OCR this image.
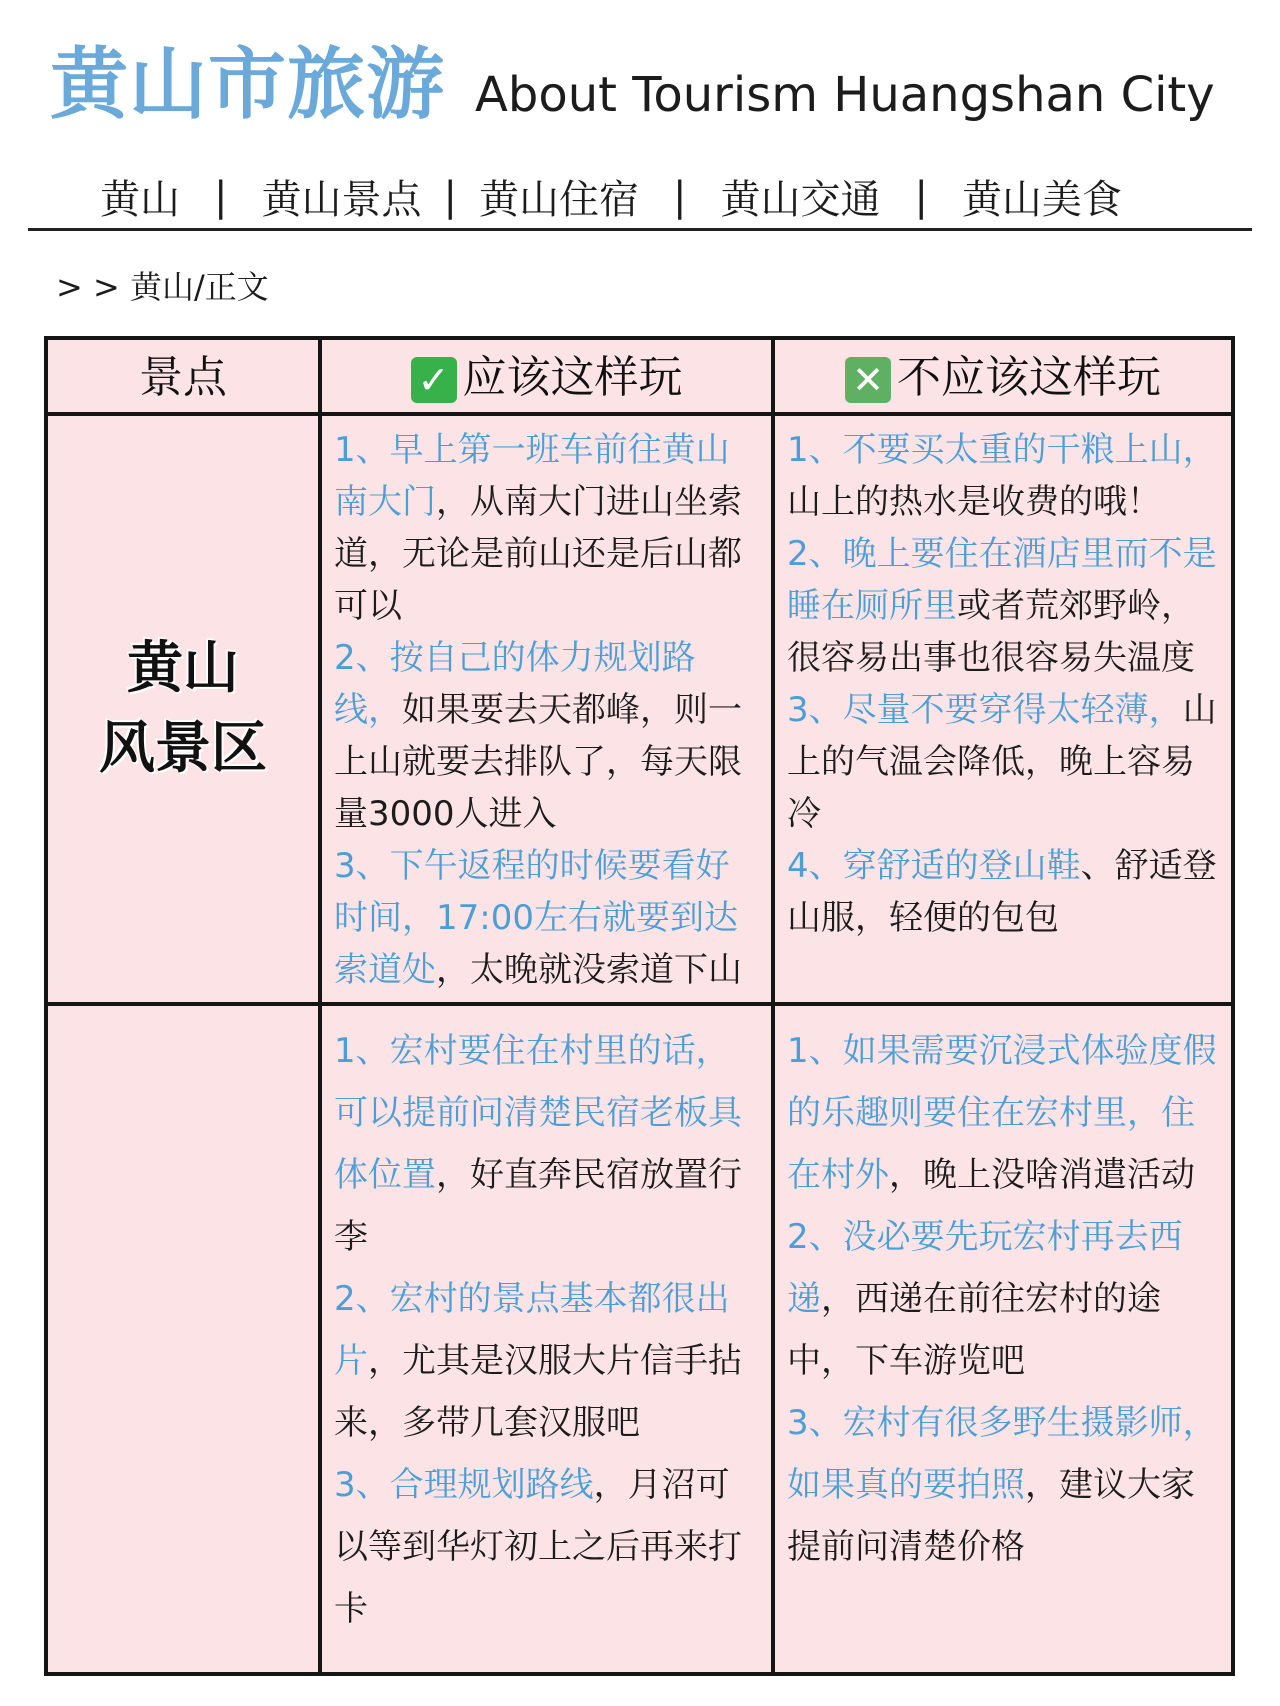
黄山市旅游 About Tourism Huangshan City
黄山 | 黄山景点 | 黄山住宿 | 黄山交通 | 黄山美食
> > 黄山/正文
景点	✓ 应该这样玩	✕ 不应该这样玩

黄山
风景区	1、早上第一班车前往黄山南大门，从南大门进山坐索道，无论是前山还是后山都可以
2、按自己的体力规划路线，如果要去天都峰，则一上山就要去排队了，每天限量3000人进入
3、下午返程的时候要看好时间，17:00左右就要到达索道处，太晚就没索道下山	1、不要买太重的干粮上山，山上的热水是收费的哦！
2、晚上要住在酒店里而不是睡在厕所里或者荒郊野岭，很容易出事也很容易失温度
3、尽量不要穿得太轻薄，山上的气温会降低，晚上容易冷
4、穿舒适的登山鞋、舒适登山服，轻便的包包

	1、宏村要住在村里的话，可以提前问清楚民宿老板具体位置，好直奔民宿放置行李
2、宏村的景点基本都很出片，尤其是汉服大片信手拈来，多带几套汉服吧
3、合理规划路线，月沼可以等到华灯初上之后再来打卡	1、如果需要沉浸式体验度假的乐趣则要住在宏村里，住在村外，晚上没啥消遣活动
2、没必要先玩宏村再去西递，西递在前往宏村的途中，下车游览吧
3、宏村有很多野生摄影师，如果真的要拍照，建议大家提前问清楚价格
